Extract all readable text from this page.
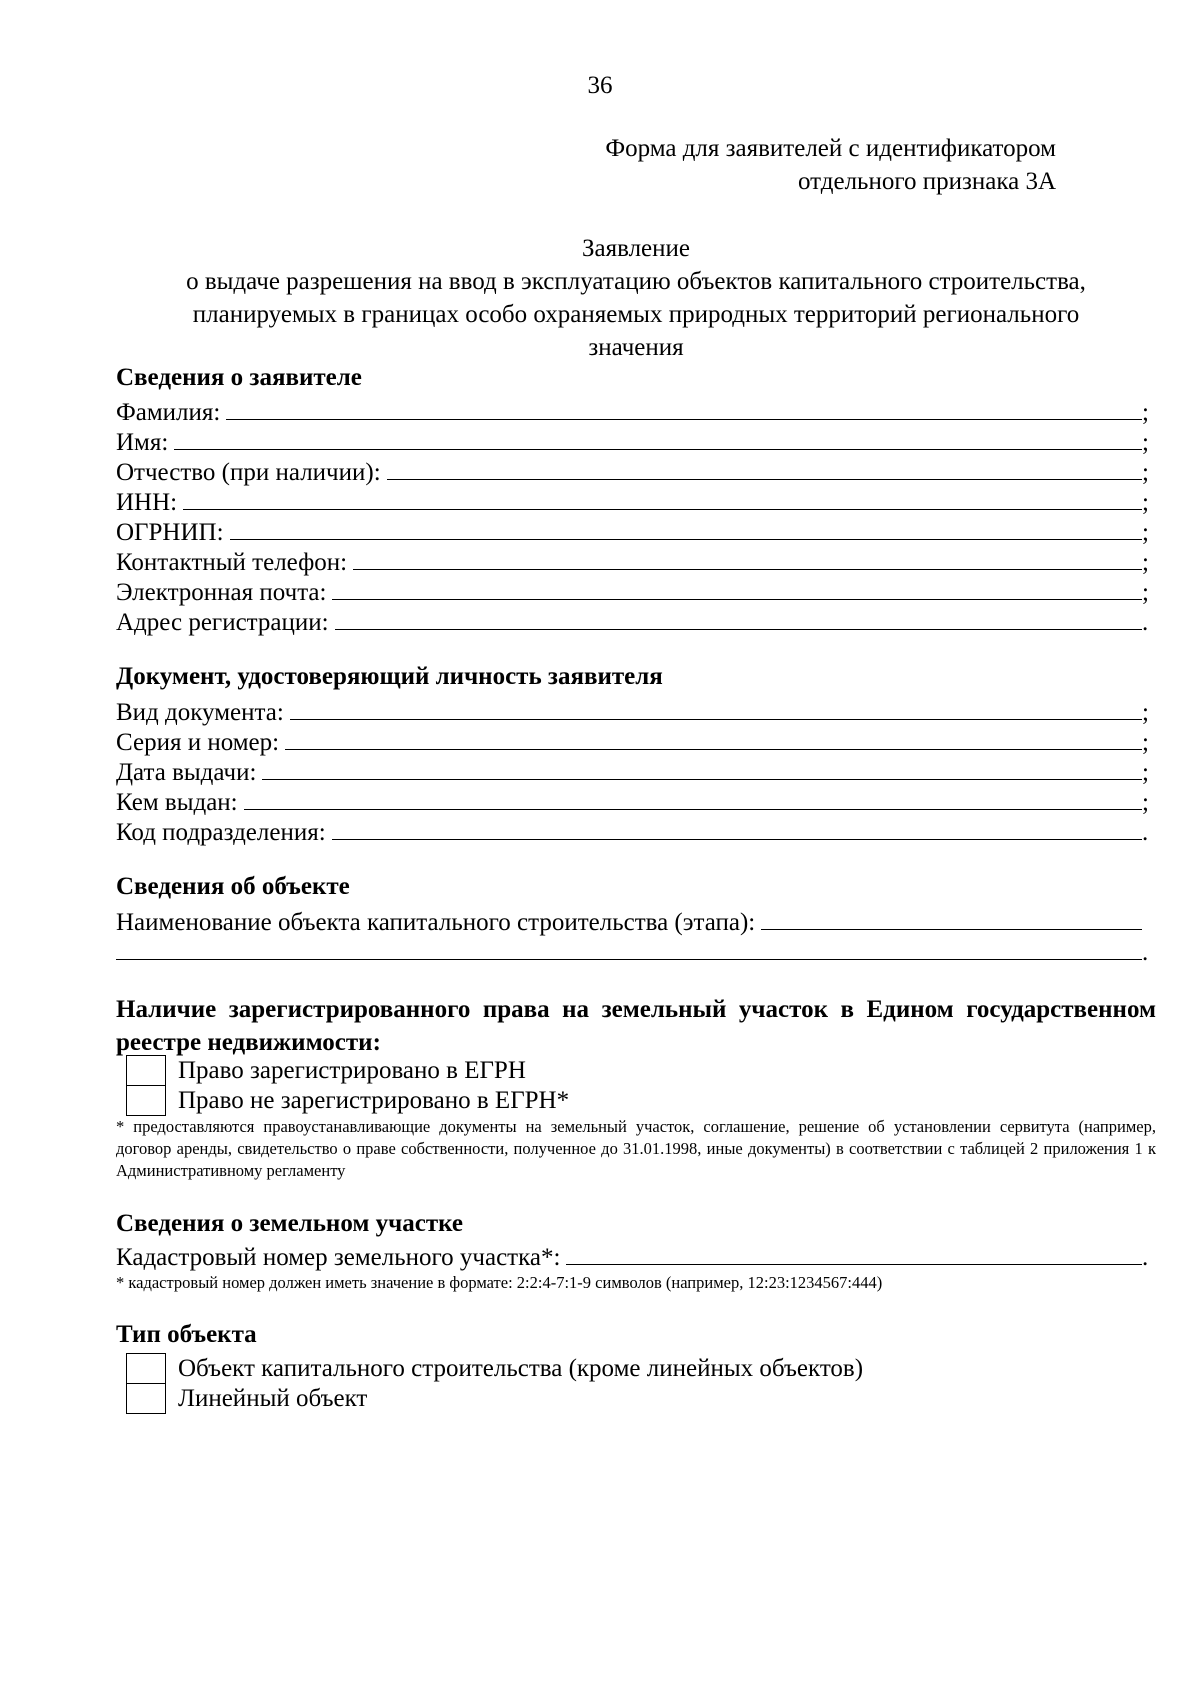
36
Форма для заявителей с идентификатором
отдельного признака 3А
Заявление
о выдаче разрешения на ввод в эксплуатацию объектов капитального строительства,
планируемых в границах особо охраняемых природных территорий регионального
значения
Сведения о заявителе
Фамилия:	;
Имя:	;
Отчество (при наличии):	;
ИНН:	;
ОГРНИП:	;
Контактный телефон:	;
Электронная почта:	;
Адрес регистрации:	.
Документ, удостоверяющий личность заявителя
Вид документа:	;
Серия и номер:	;
Дата выдачи:	;
Кем выдан:	;
Код подразделения:	.
Сведения об объекте
Наименование объекта капитального строительства (этапа):
.
Наличие зарегистрированного права на земельный участок в Едином государственном реестре недвижимости:
Право зарегистрировано в ЕГРН
Право не зарегистрировано в ЕГРН*
* предоставляются правоустанавливающие документы на земельный участок, соглашение, решение об установлении сервитута (например, договор аренды, свидетельство о праве собственности, полученное до 31.01.1998, иные документы) в соответствии с таблицей 2 приложения 1 к Административному регламенту
Сведения о земельном участке
Кадастровый номер земельного участка*:	.
* кадастровый номер должен иметь значение в формате: 2:2:4-7:1-9 символов (например, 12:23:1234567:444)
Тип объекта
Объект капитального строительства (кроме линейных объектов)
Линейный объект
